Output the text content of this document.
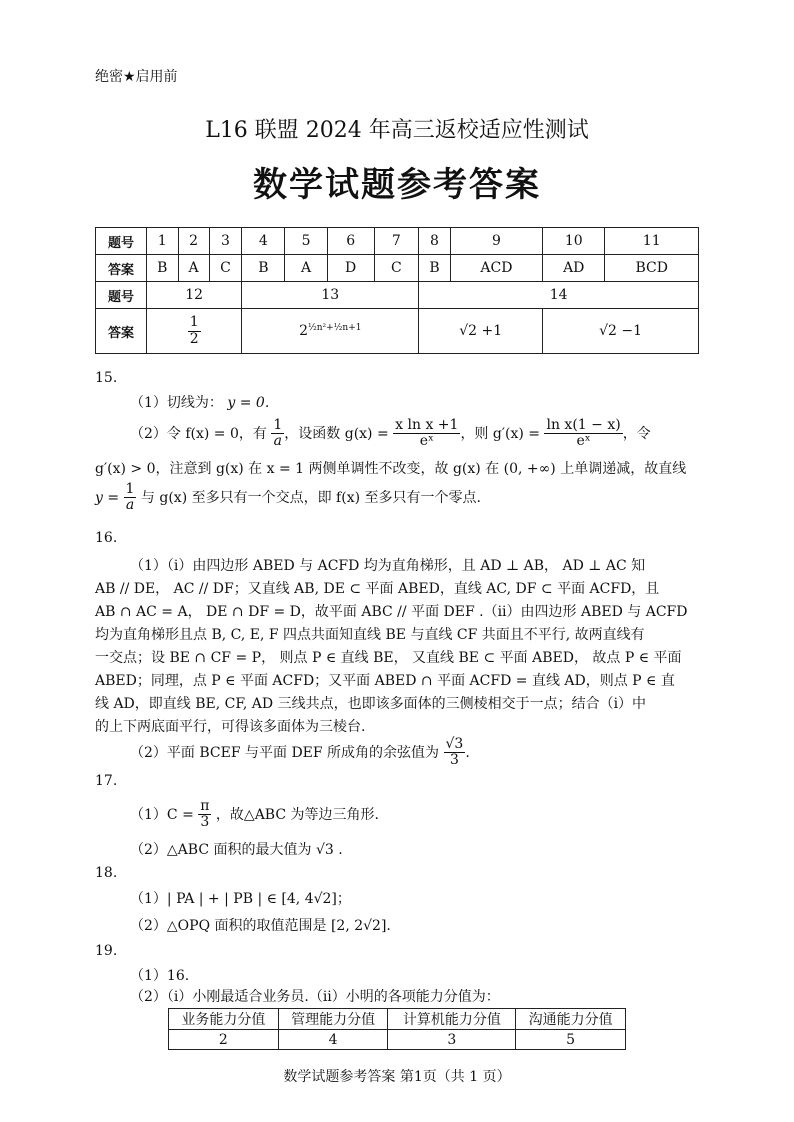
绝密★启用前
L16 联盟 2024 年高三返校适应性测试
数学试题参考答案
题号	1	2	3	4	5	6	7	8	9	10	11
答案	B	A	C	B	A	D	C	B	ACD	AD	BCD
题号	12			13				14			
答案	$\frac{1}{2}$			$2^{\frac{1}{2}n^2+\frac{1}{2}n+1}$				√2 +1		√2 −1	
15.
（1）切线为： y = 0.
（2）令 f(x) = 0，有 $\frac{1}{a}$ ，设函数 $g(x) = \frac{\text{x ln x +1}}{\text{eˣ}}$ ，则 $g'(x) = \frac{\text{ln x(1 − x)}}{\text{eˣ}}$ ，令
g′(x) > 0，注意到 g(x) 在 x = 1 两侧单调性不改变，故 g(x) 在 (0, +∞) 上单调递减，故直线
$y = \frac{1}{a}$ 与 g(x) 至多只有一个交点，即 f(x) 至多只有一个零点.
16.
（1）（i）由四边形 ABED 与 ACFD 均为直角梯形，且 AD ⊥ AB， AD ⊥ AC 知
AB // DE， AC // DF；又直线 AB, DE ⊂ 平面 ABED，直线 AC, DF ⊂ 平面 ACFD，且
AB ∩ AC = A， DE ∩ DF = D，故平面 ABC // 平面 DEF .（ii）由四边形 ABED 与 ACFD
均为直角梯形且点 B, C, E, F 四点共面知直线 BE 与直线 CF 共面且不平行, 故两直线有
一交点；设 BE ∩ CF = P， 则点 P ∈ 直线 BE， 又直线 BE ⊂ 平面 ABED， 故点 P ∈ 平面
ABED；同理，点 P ∈ 平面 ACFD；又平面 ABED ∩ 平面 ACFD = 直线 AD，则点 P ∈ 直
线 AD，即直线 BE, CF, AD 三线共点，也即该多面体的三侧棱相交于一点；结合（i）中
的上下两底面平行，可得该多面体为三棱台.
（2）平面 BCEF 与平面 DEF 所成角的余弦值为 $\frac{√3}{3}$ .
17.
$(1)C = \frac{\pi}{3}$ ，故△ABC 为等边三角形.
（2）△ABC 面积的最大值为 √3 .
18.
（1）| PA | + | PB | ∈ [4, 4√2]；
（2）△OPQ 面积的取值范围是 [2, 2√2].
19.
（1）16.
（2）（i）小刚最适合业务员.（ii）小明的各项能力分值为：
业务能力分值	管理能力分值	计算机能力分值	沟通能力分值
2	4	3	5
数学试题参考答案 第1页（共 1 页）
